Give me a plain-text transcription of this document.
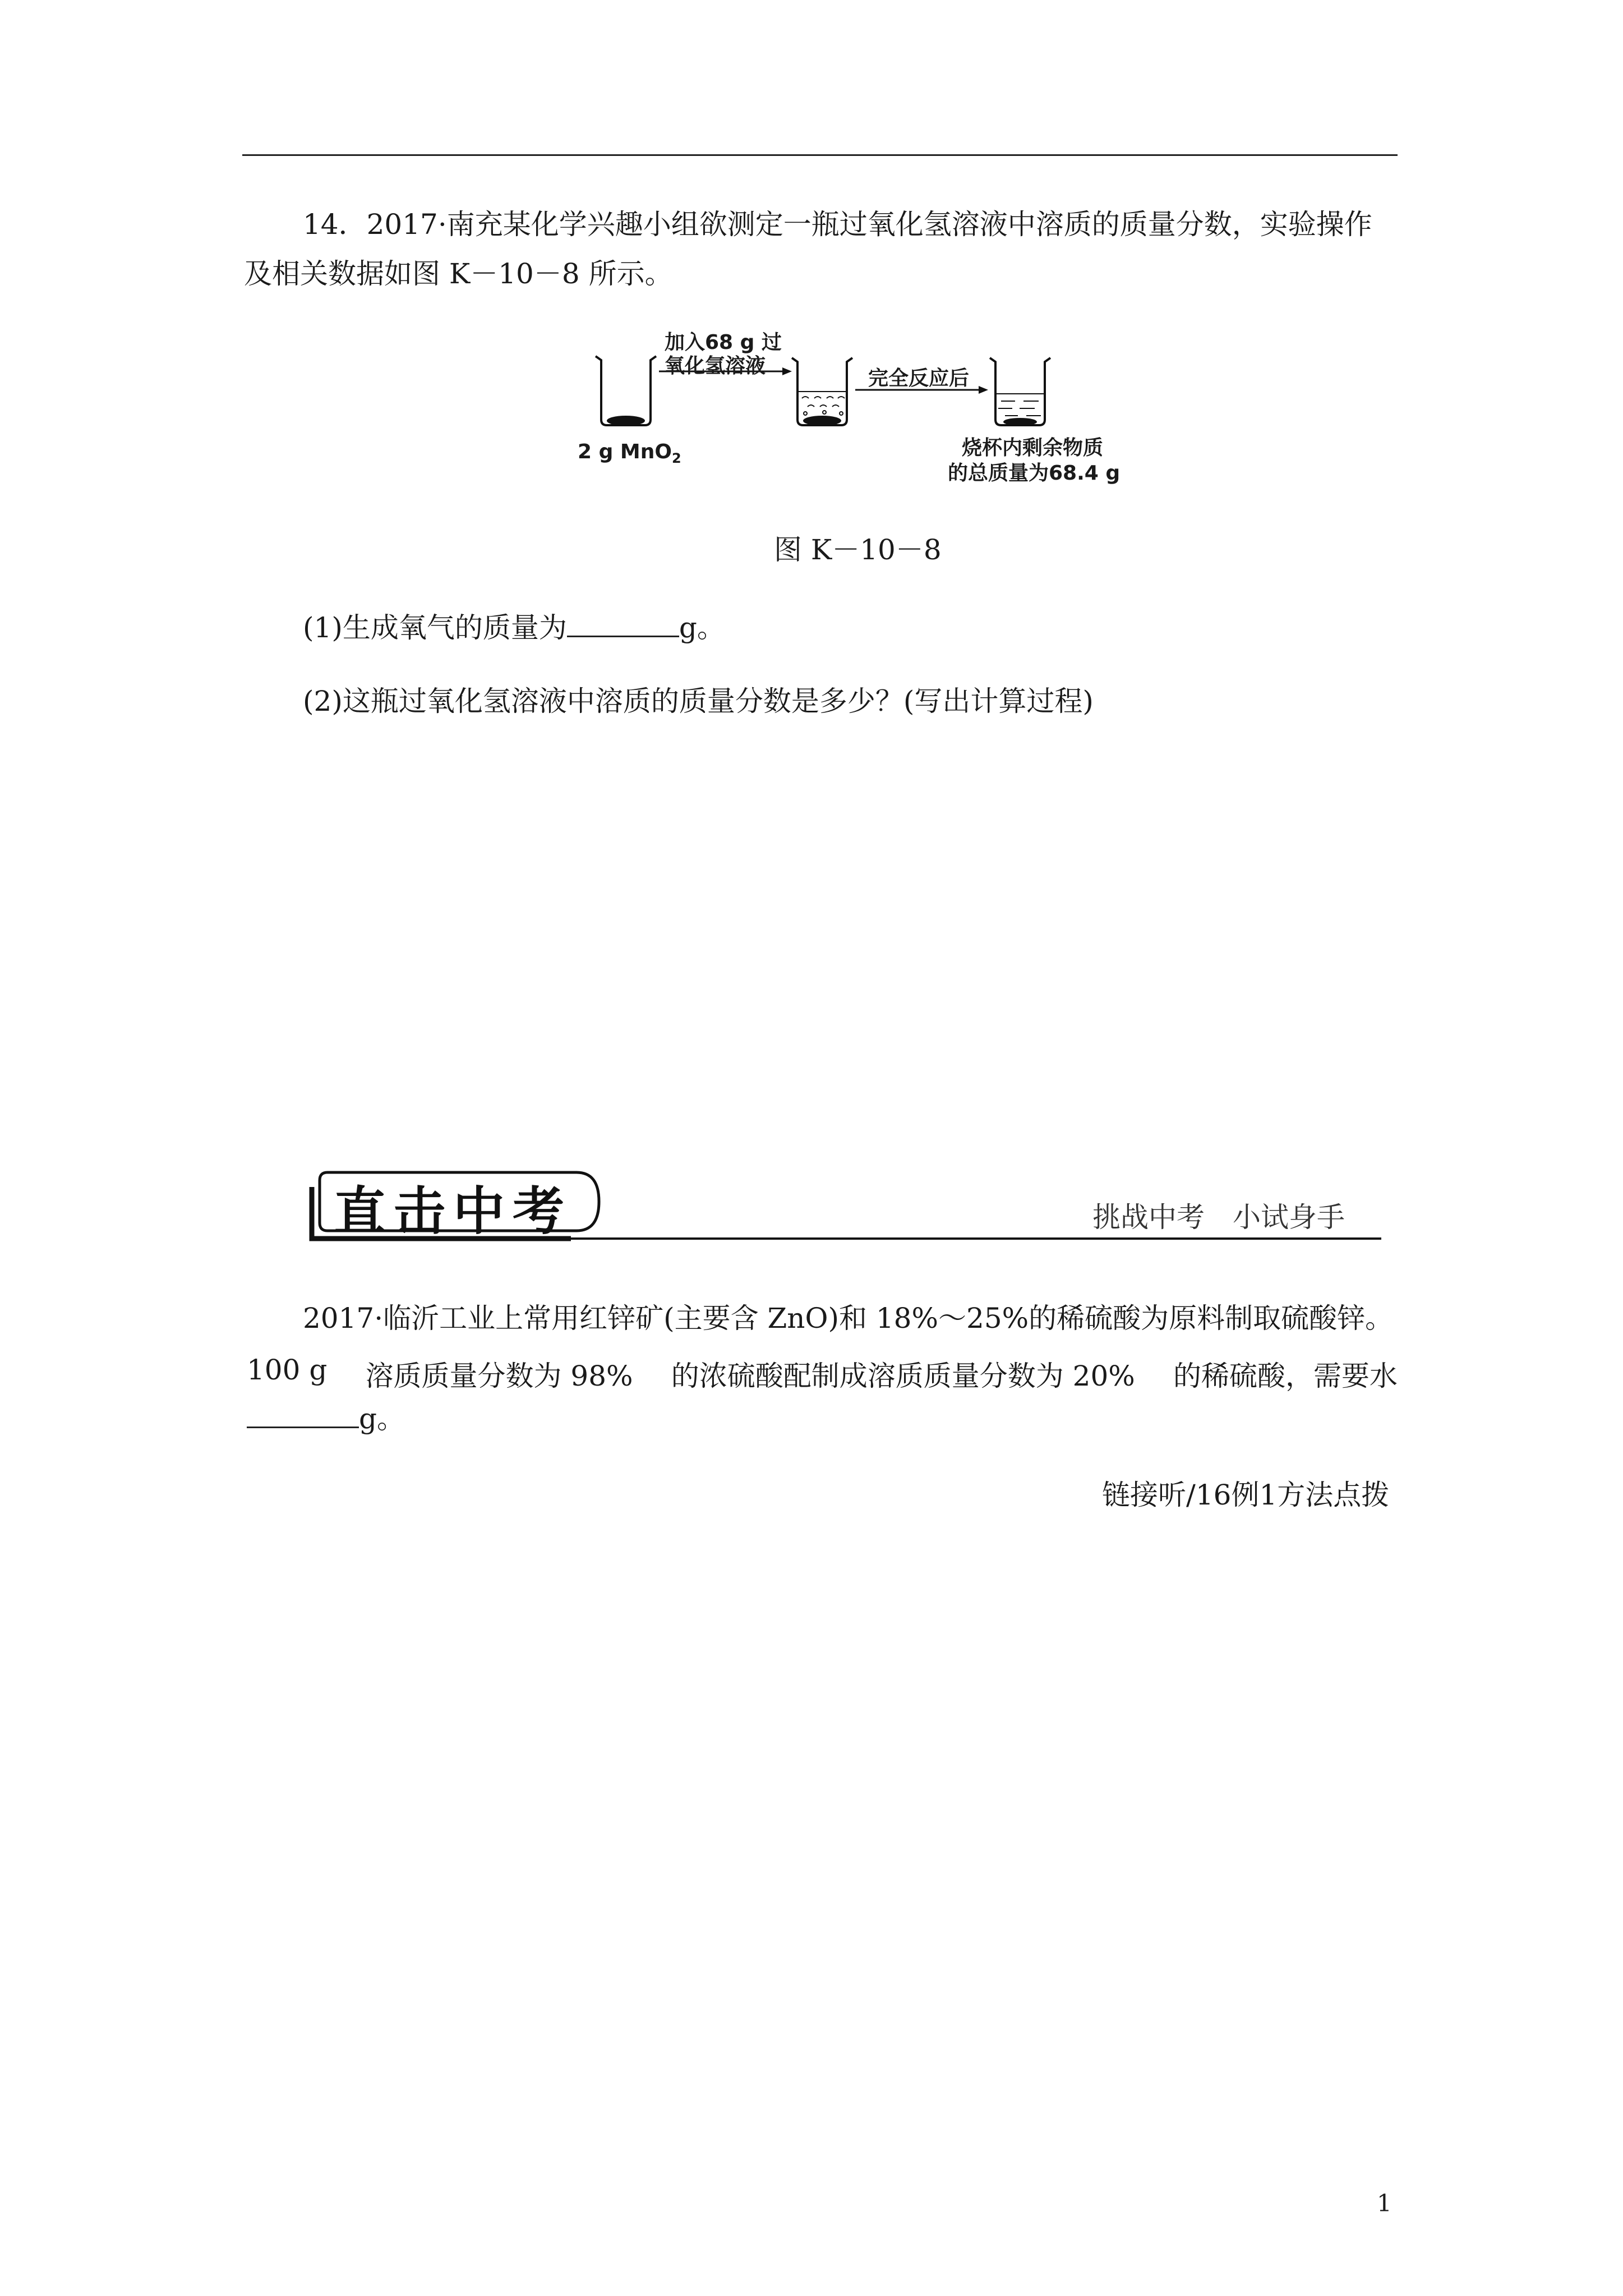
14．2017·南充某化学兴趣小组欲测定一瓶过氧化氢溶液中溶质的质量分数，实验操作
及相关数据如图 K－10－8 所示。
加入68 g 过
氧化氢溶液
完全反应后
2 g MnO$_2$	烧杯内剩余物质
的总质量为68.4 g
图 K－10－8
(1)生成氧气的质量为	g。
(2)这瓶过氧化氢溶液中溶质的质量分数是多少？(写出计算过程)
直击中考	挑战中考　小试身手
2017·临沂工业上常用红锌矿(主要含 ZnO)和 18%～25%的稀硫酸为原料制取硫酸锌。
100 g 溶质质量分数为 98% 的浓硫酸配制成溶质质量分数为 20% 的稀硫酸，需要水
g。
链接听/16例1方法点拨
1
